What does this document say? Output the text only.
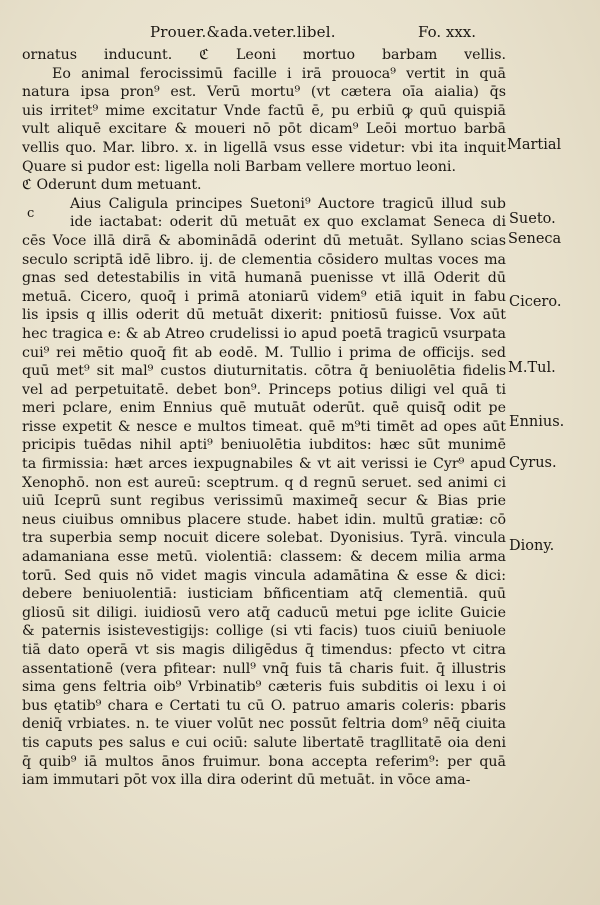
Prouer.&ada.veter.libel.	Fo. xxx.
ornatus inducunt. ℭ Leoni mortuo barbam vellis.
Eo animal ferocissimū facille i irā prouoca⁹ vertit in quā
natura ipsa pron⁹ est. Verū mortu⁹ (vt cætera oīa aialia) q̄s
uis irritet⁹ mime excitatur Vnde factū ē, pu erbiū ꝙ quū quispiā
vult aliquē excitare & moueri nō pōt dicam⁹ Leōi mortuo barbā
vellis quo. Mar. libro. x. in ligellā vsus esse videtur: vbi ita inquit
Quare si pudor est: ligella noli Barbam vellere mortuo leoni.
ℭ Oderunt dum metuant.
Aius Caligula principes Suetoni⁹ Auctore tragicū illud sub
ide iactabat: oderit dū metuāt ex quo exclamat Seneca di
cēs Voce illā dirā & abominādā oderint dū metuāt. Syllano scias
seculo scriptā idē libro. ij. de clementia cōsidero multas voces ma
gnas sed detestabilis in vitā humanā puenisse vt illā Oderit dū
metuā. Cicero, quoq̄ i primā atoniarū videm⁹ etiā iquit in fabu
lis ipsis q illis oderit dū metuāt dixerit: pnitiosū fuisse. Vox aūt
hec tragica e: & ab Atreo crudelissi io apud poetā tragicū vsurpata
cui⁹ rei mētio quoq̄ fit ab eodē. M. Tullio i prima de officijs. sed
quū met⁹ sit mal⁹ custos diuturnitatis. cōtra q̄ beniuolētia fidelis
vel ad perpetuitatē. debet bon⁹. Princeps potius diligi vel quā ti
meri pclare, enim Ennius quē mutuāt oderūt. quē quisq̄ odit pe
risse expetit & nesce e multos timeat. quē m⁹ti timēt ad opes aūt
pricipis tuēdas nihil apti⁹ beniuolētia iubditos: hæc sūt munimē
ta firmissia: hæt arces iexpugnabiles & vt ait verissi ie Cyr⁹ apud
Xenophō. non est aureū: sceptrum. q d regnū seruet. sed animi ci
uiū Iceprū sunt regibus verissimū maximeq̄ secur & Bias prie
neus ciuibus omnibus placere stude. habet idin. multū gratiæ: cō
tra superbia semp nocuit dicere solebat. Dyonisius. Tyrā. vincula
adamaniana esse metū. violentiā: classem: & decem milia arma
torū. Sed quis nō videt magis vincula adamātina & esse & dici:
debere beniuolentiā: iusticiam bñficentiam atq̄ clementiā. quū
gliosū sit diligi. iuidiosū vero atq̄ caducū metui pge iclite Guicie
& paternis isistevestigijs: collige (si vti facis) tuos ciuiū beniuole
tiā dato operā vt sis magis diligēdus q̄ timendus: pfecto vt citra
assentationē (vera pfitear: null⁹ vnq̄ fuis tā charis fuit. q̄ illustris
sima gens feltria oib⁹ Vrbinatib⁹ cæteris fuis subditis oi lexu i oi
bus ętatib⁹ chara e Certati tu cū O. patruo amaris coleris: pbaris
deniq̄ vrbiates. n. te viuer volūt nec possūt feltria dom⁹ nēq̄ ciuita
tis caputs pes salus e cui ociū: salute libertatē tragllitatē oia deni
q̄ quib⁹ iā multos ānos fruimur. bona accepta referim⁹: per quā
iam immutari pōt vox illa dira oderint dū metuāt. in vōce ama-
c
Martial
Sueto.
Seneca
Cicero.
M.Tul.
Ennius.
Cyrus.
Diony.
